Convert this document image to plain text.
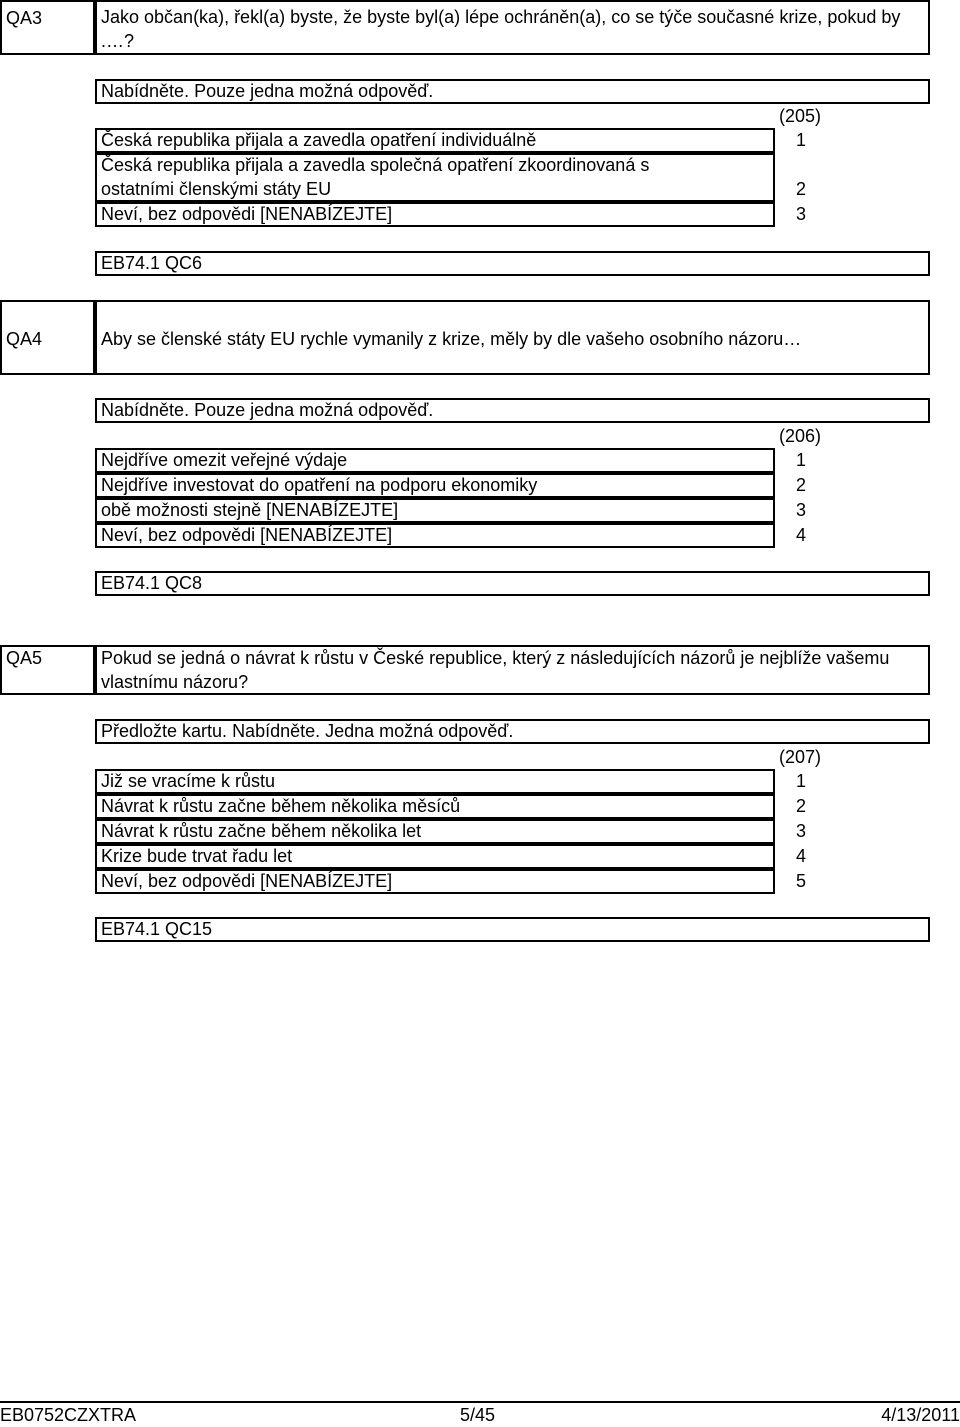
QA3	Jako občan(ka), řekl(a) byste, že byste byl(a) lépe ochráněn(a), co se týče současné krize, pokud by .…?
Nabídněte. Pouze jedna možná odpověď.
(205)
Česká republika přijala a zavedla opatření individuálně	1
Česká republika přijala a zavedla společná opatření zkoordinovaná s
ostatními členskými státy EU	2
Neví, bez odpovědi [NENABÍZEJTE]	3
EB74.1 QC6
QA4	Aby se členské státy EU rychle vymanily z krize, měly by dle vašeho osobního názoru…
Nabídněte. Pouze jedna možná odpověď.
(206)
Nejdříve omezit veřejné výdaje	1
Nejdříve investovat do opatření na podporu ekonomiky	2
obě možnosti stejně [NENABÍZEJTE]	3
Neví, bez odpovědi [NENABÍZEJTE]	4
EB74.1 QC8
QA5	Pokud se jedná o návrat k růstu v České republice, který z následujících názorů je nejblíže vašemu vlastnímu názoru?
Předložte kartu. Nabídněte. Jedna možná odpověď.
(207)
Již se vracíme k růstu	1
Návrat k růstu začne během několika měsíců	2
Návrat k růstu začne během několika let	3
Krize bude trvat řadu let	4
Neví, bez odpovědi [NENABÍZEJTE]	5
EB74.1 QC15
EB0752CZXTRA	5/45	4/13/2011
